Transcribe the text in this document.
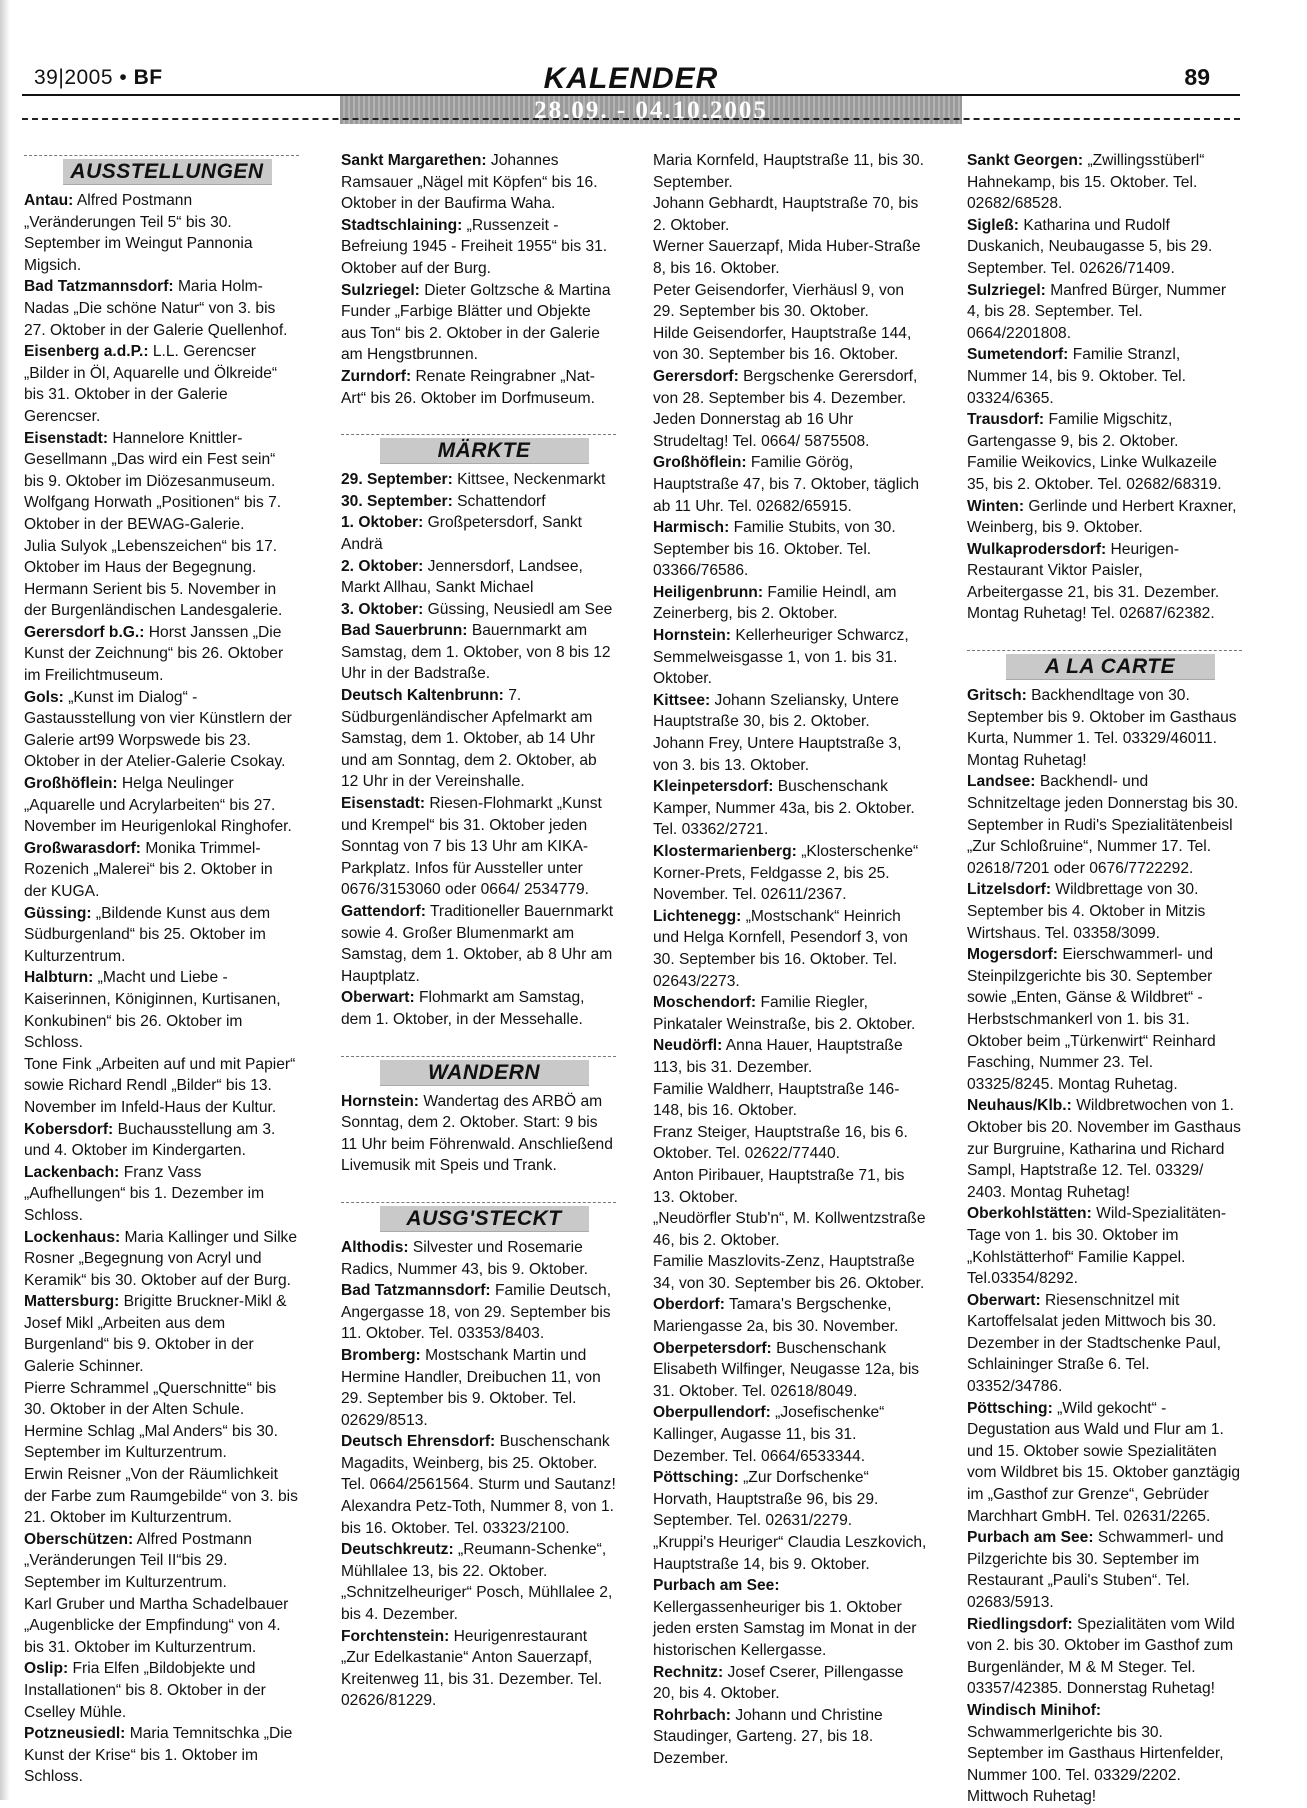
39|2005 • BF	KALENDER	89
28.09. - 04.10.2005
AUSSTELLUNGEN

Antau: Alfred Postmann „Veränderungen Teil 5“ bis 30. September im Weingut Pannonia Migsich.

Bad Tatzmannsdorf: Maria Holm-Nadas „Die schöne Natur“ von 3. bis 27. Oktober in der Galerie Quellenhof.

Eisenberg a.d.P.: L.L. Gerencser „Bilder in Öl, Aquarelle und Ölkreide“ bis 31. Oktober in der Galerie Gerencser.

Eisenstadt: Hannelore Knittler-Gesellmann „Das wird ein Fest sein“ bis 9. Oktober im Diözesanmuseum.

Wolfgang Horwath „Positionen“ bis 7. Oktober in der BEWAG-Galerie.

Julia Sulyok „Lebenszeichen“ bis 17. Oktober im Haus der Begegnung.

Hermann Serient bis 5. November in der Burgenländischen Landesgalerie.

Gerersdorf b.G.: Horst Janssen „Die Kunst der Zeichnung“ bis 26. Oktober im Freilichtmuseum.

Gols: „Kunst im Dialog“ - Gastausstellung von vier Künstlern der Galerie art99 Worpswede bis 23. Oktober in der Atelier-Galerie Csokay.

Großhöflein: Helga Neulinger „Aquarelle und Acrylarbeiten“ bis 27. November im Heurigenlokal Ringhofer.

Großwarasdorf: Monika Trimmel-Rozenich „Malerei“ bis 2. Oktober in der KUGA.

Güssing: „Bildende Kunst aus dem Südburgenland“ bis 25. Oktober im Kulturzentrum.

Halbturn: „Macht und Liebe - Kaiserinnen, Königinnen, Kurtisanen, Konkubinen“ bis 26. Oktober im Schloss.

Tone Fink „Arbeiten auf und mit Papier“ sowie Richard Rendl „Bilder“ bis 13. November im Infeld-Haus der Kultur.

Kobersdorf: Buchausstellung am 3. und 4. Oktober im Kindergarten.

Lackenbach: Franz Vass „Aufhellungen“ bis 1. Dezember im Schloss.

Lockenhaus: Maria Kallinger und Silke Rosner „Begegnung von Acryl und Keramik“ bis 30. Oktober auf der Burg.

Mattersburg: Brigitte Bruckner-Mikl & Josef Mikl „Arbeiten aus dem Burgenland“ bis 9. Oktober in der Galerie Schinner.

Pierre Schrammel „Querschnitte“ bis 30. Oktober in der Alten Schule.

Hermine Schlag „Mal Anders“ bis 30. September im Kulturzentrum.

Erwin Reisner „Von der Räumlichkeit der Farbe zum Raumgebilde“ von 3. bis 21. Oktober im Kulturzentrum.

Oberschützen: Alfred Postmann „Veränderungen Teil II“bis 29. September im Kulturzentrum.

Karl Gruber und Martha Schadelbauer „Augenblicke der Empfindung“ von 4. bis 31. Oktober im Kulturzentrum.

Oslip: Fria Elfen „Bildobjekte und Installationen“ bis 8. Oktober in der Cselley Mühle.

Potzneusiedl: Maria Temnitschka „Die Kunst der Krise“ bis 1. Oktober im Schloss.

Sankt Margarethen: Johannes Ramsauer „Nägel mit Köpfen“ bis 16. Oktober in der Baufirma Waha.

Stadtschlaining: „Russenzeit - Befreiung 1945 - Freiheit 1955“ bis 31. Oktober auf der Burg.

Sulzriegel: Dieter Goltzsche & Martina Funder „Farbige Blätter und Objekte aus Ton“ bis 2. Oktober in der Galerie am Hengstbrunnen.

Zurndorf: Renate Reingrabner „Nat-Art“ bis 26. Oktober im Dorfmuseum.

MÄRKTE

29. September: Kittsee, Neckenmarkt

30. September: Schattendorf

1. Oktober: Großpetersdorf, Sankt Andrä

2. Oktober: Jennersdorf, Landsee, Markt Allhau, Sankt Michael

3. Oktober: Güssing, Neusiedl am See

Bad Sauerbrunn: Bauernmarkt am Samstag, dem 1. Oktober, von 8 bis 12 Uhr in der Badstraße.

Deutsch Kaltenbrunn: 7. Südburgenländischer Apfelmarkt am Samstag, dem 1. Oktober, ab 14 Uhr und am Sonntag, dem 2. Oktober, ab 12 Uhr in der Vereinshalle.

Eisenstadt: Riesen-Flohmarkt „Kunst und Krempel“ bis 31. Oktober jeden Sonntag von 7 bis 13 Uhr am KIKA-Parkplatz. Infos für Aussteller unter 0676/3153060 oder 0664/ 2534779.

Gattendorf: Traditioneller Bauernmarkt sowie 4. Großer Blumenmarkt am Samstag, dem 1. Oktober, ab 8 Uhr am Hauptplatz.

Oberwart: Flohmarkt am Samstag, dem 1. Oktober, in der Messehalle.

WANDERN

Hornstein: Wandertag des ARBÖ am Sonntag, dem 2. Oktober. Start: 9 bis 11 Uhr beim Föhrenwald. Anschließend Livemusik mit Speis und Trank.

AUSG'STECKT

Althodis: Silvester und Rosemarie Radics, Nummer 43, bis 9. Oktober.

Bad Tatzmannsdorf: Familie Deutsch, Angergasse 18, von 29. September bis 11. Oktober. Tel. 03353/8403.

Bromberg: Mostschank Martin und Hermine Handler, Dreibuchen 11, von 29. September bis 9. Oktober. Tel. 02629/8513.

Deutsch Ehrensdorf: Buschenschank Magadits, Weinberg, bis 25. Oktober. Tel. 0664/2561564. Sturm und Sautanz!

Alexandra Petz-Toth, Nummer 8, von 1. bis 16. Oktober. Tel. 03323/2100.

Deutschkreutz: „Reumann-Schenke“, Mühllalee 13, bis 22. Oktober.

„Schnitzelheuriger“ Posch, Mühllalee 2, bis 4. Dezember.

Forchtenstein: Heurigenrestaurant „Zur Edelkastanie“ Anton Sauerzapf, Kreitenweg 11, bis 31. Dezember. Tel. 02626/81229.

Maria Kornfeld, Hauptstraße 11, bis 30. September.

Johann Gebhardt, Hauptstraße 70, bis 2. Oktober.

Werner Sauerzapf, Mida Huber-Straße 8, bis 16. Oktober.

Peter Geisendorfer, Vierhäusl 9, von 29. September bis 30. Oktober.

Hilde Geisendorfer, Hauptstraße 144, von 30. September bis 16. Oktober.

Gerersdorf: Bergschenke Gerersdorf, von 28. September bis 4. Dezember. Jeden Donnerstag ab 16 Uhr Strudeltag! Tel. 0664/ 5875508.

Großhöflein: Familie Görög, Hauptstraße 47, bis 7. Oktober, täglich ab 11 Uhr. Tel. 02682/65915.

Harmisch: Familie Stubits, von 30. September bis 16. Oktober. Tel. 03366/76586.

Heiligenbrunn: Familie Heindl, am Zeinerberg, bis 2. Oktober.

Hornstein: Kellerheuriger Schwarcz, Semmelweisgasse 1, von 1. bis 31. Oktober.

Kittsee: Johann Szeliansky, Untere Hauptstraße 30, bis 2. Oktober.

Johann Frey, Untere Hauptstraße 3, von 3. bis 13. Oktober.

Kleinpetersdorf: Buschenschank Kamper, Nummer 43a, bis 2. Oktober. Tel. 03362/2721.

Klostermarienberg: „Klosterschenke“ Korner-Prets, Feldgasse 2, bis 25. November. Tel. 02611/2367.

Lichtenegg: „Mostschank“ Heinrich und Helga Kornfell, Pesendorf 3, von 30. September bis 16. Oktober. Tel. 02643/2273.

Moschendorf: Familie Riegler, Pinkataler Weinstraße, bis 2. Oktober.

Neudörfl: Anna Hauer, Hauptstraße 113, bis 31. Dezember.

Familie Waldherr, Hauptstraße 146-148, bis 16. Oktober.

Franz Steiger, Hauptstraße 16, bis 6. Oktober. Tel. 02622/77440.

Anton Piribauer, Hauptstraße 71, bis 13. Oktober.

„Neudörfler Stub'n“, M. Kollwentzstraße 46, bis 2. Oktober.

Familie Maszlovits-Zenz, Hauptstraße 34, von 30. September bis 26. Oktober.

Oberdorf: Tamara's Bergschenke, Mariengasse 2a, bis 30. November.

Oberpetersdorf: Buschenschank Elisabeth Wilfinger, Neugasse 12a, bis 31. Oktober. Tel. 02618/8049.

Oberpullendorf: „Josefischenke“ Kallinger, Augasse 11, bis 31. Dezember. Tel. 0664/6533344.

Pöttsching: „Zur Dorfschenke“ Horvath, Hauptstraße 96, bis 29. September. Tel. 02631/2279.

„Kruppi's Heuriger“ Claudia Leszkovich, Hauptstraße 14, bis 9. Oktober.

Purbach am See: Kellergassenheuriger bis 1. Oktober jeden ersten Samstag im Monat in der historischen Kellergasse.

Rechnitz: Josef Cserer, Pillengasse 20, bis 4. Oktober.

Rohrbach: Johann und Christine Staudinger, Garteng. 27, bis 18. Dezember.

Sankt Georgen: „Zwillingsstüberl“ Hahnekamp, bis 15. Oktober. Tel. 02682/68528.

Sigleß: Katharina und Rudolf Duskanich, Neubaugasse 5, bis 29. September. Tel. 02626/71409.

Sulzriegel: Manfred Bürger, Nummer 4, bis 28. September. Tel. 0664/2201808.

Sumetendorf: Familie Stranzl, Nummer 14, bis 9. Oktober. Tel. 03324/6365.

Trausdorf: Familie Migschitz, Gartengasse 9, bis 2. Oktober.

Familie Weikovics, Linke Wulkazeile 35, bis 2. Oktober. Tel. 02682/68319.

Winten: Gerlinde und Herbert Kraxner, Weinberg, bis 9. Oktober.

Wulkaprodersdorf: Heurigen-Restaurant Viktor Paisler, Arbeitergasse 21, bis 31. Dezember. Montag Ruhetag! Tel. 02687/62382.

A LA CARTE

Gritsch: Backhendltage von 30. September bis 9. Oktober im Gasthaus Kurta, Nummer 1. Tel. 03329/46011. Montag Ruhetag!

Landsee: Backhendl- und Schnitzeltage jeden Donnerstag bis 30. September in Rudi's Spezialitätenbeisl „Zur Schloßruine“, Nummer 17. Tel. 02618/7201 oder 0676/7722292.

Litzelsdorf: Wildbrettage von 30. September bis 4. Oktober in Mitzis Wirtshaus. Tel. 03358/3099.

Mogersdorf: Eierschwammerl- und Steinpilzgerichte bis 30. September sowie „Enten, Gänse & Wildbret“ - Herbstschmankerl von 1. bis 31. Oktober beim „Türkenwirt“ Reinhard Fasching, Nummer 23. Tel. 03325/8245. Montag Ruhetag.

Neuhaus/Klb.: Wildbretwochen von 1. Oktober bis 20. November im Gasthaus zur Burgruine, Katharina und Richard Sampl, Haptstraße 12. Tel. 03329/ 2403. Montag Ruhetag!

Oberkohlstätten: Wild-Spezialitäten-Tage von 1. bis 30. Oktober im „Kohlstätterhof“ Familie Kappel. Tel.03354/8292.

Oberwart: Riesenschnitzel mit Kartoffelsalat jeden Mittwoch bis 30. Dezember in der Stadtschenke Paul, Schlaininger Straße 6. Tel. 03352/34786.

Pöttsching: „Wild gekocht“ - Degustation aus Wald und Flur am 1. und 15. Oktober sowie Spezialitäten vom Wildbret bis 15. Oktober ganztägig im „Gasthof zur Grenze“, Gebrüder Marchhart GmbH. Tel. 02631/2265.

Purbach am See: Schwammerl- und Pilzgerichte bis 30. September im Restaurant „Pauli's Stuben“. Tel. 02683/5913.

Riedlingsdorf: Spezialitäten vom Wild von 2. bis 30. Oktober im Gasthof zum Burgenländer, M & M Steger. Tel. 03357/42385. Donnerstag Ruhetag!

Windisch Minihof: Schwammerlgerichte bis 30. September im Gasthaus Hirtenfelder, Nummer 100. Tel. 03329/2202. Mittwoch Ruhetag!
